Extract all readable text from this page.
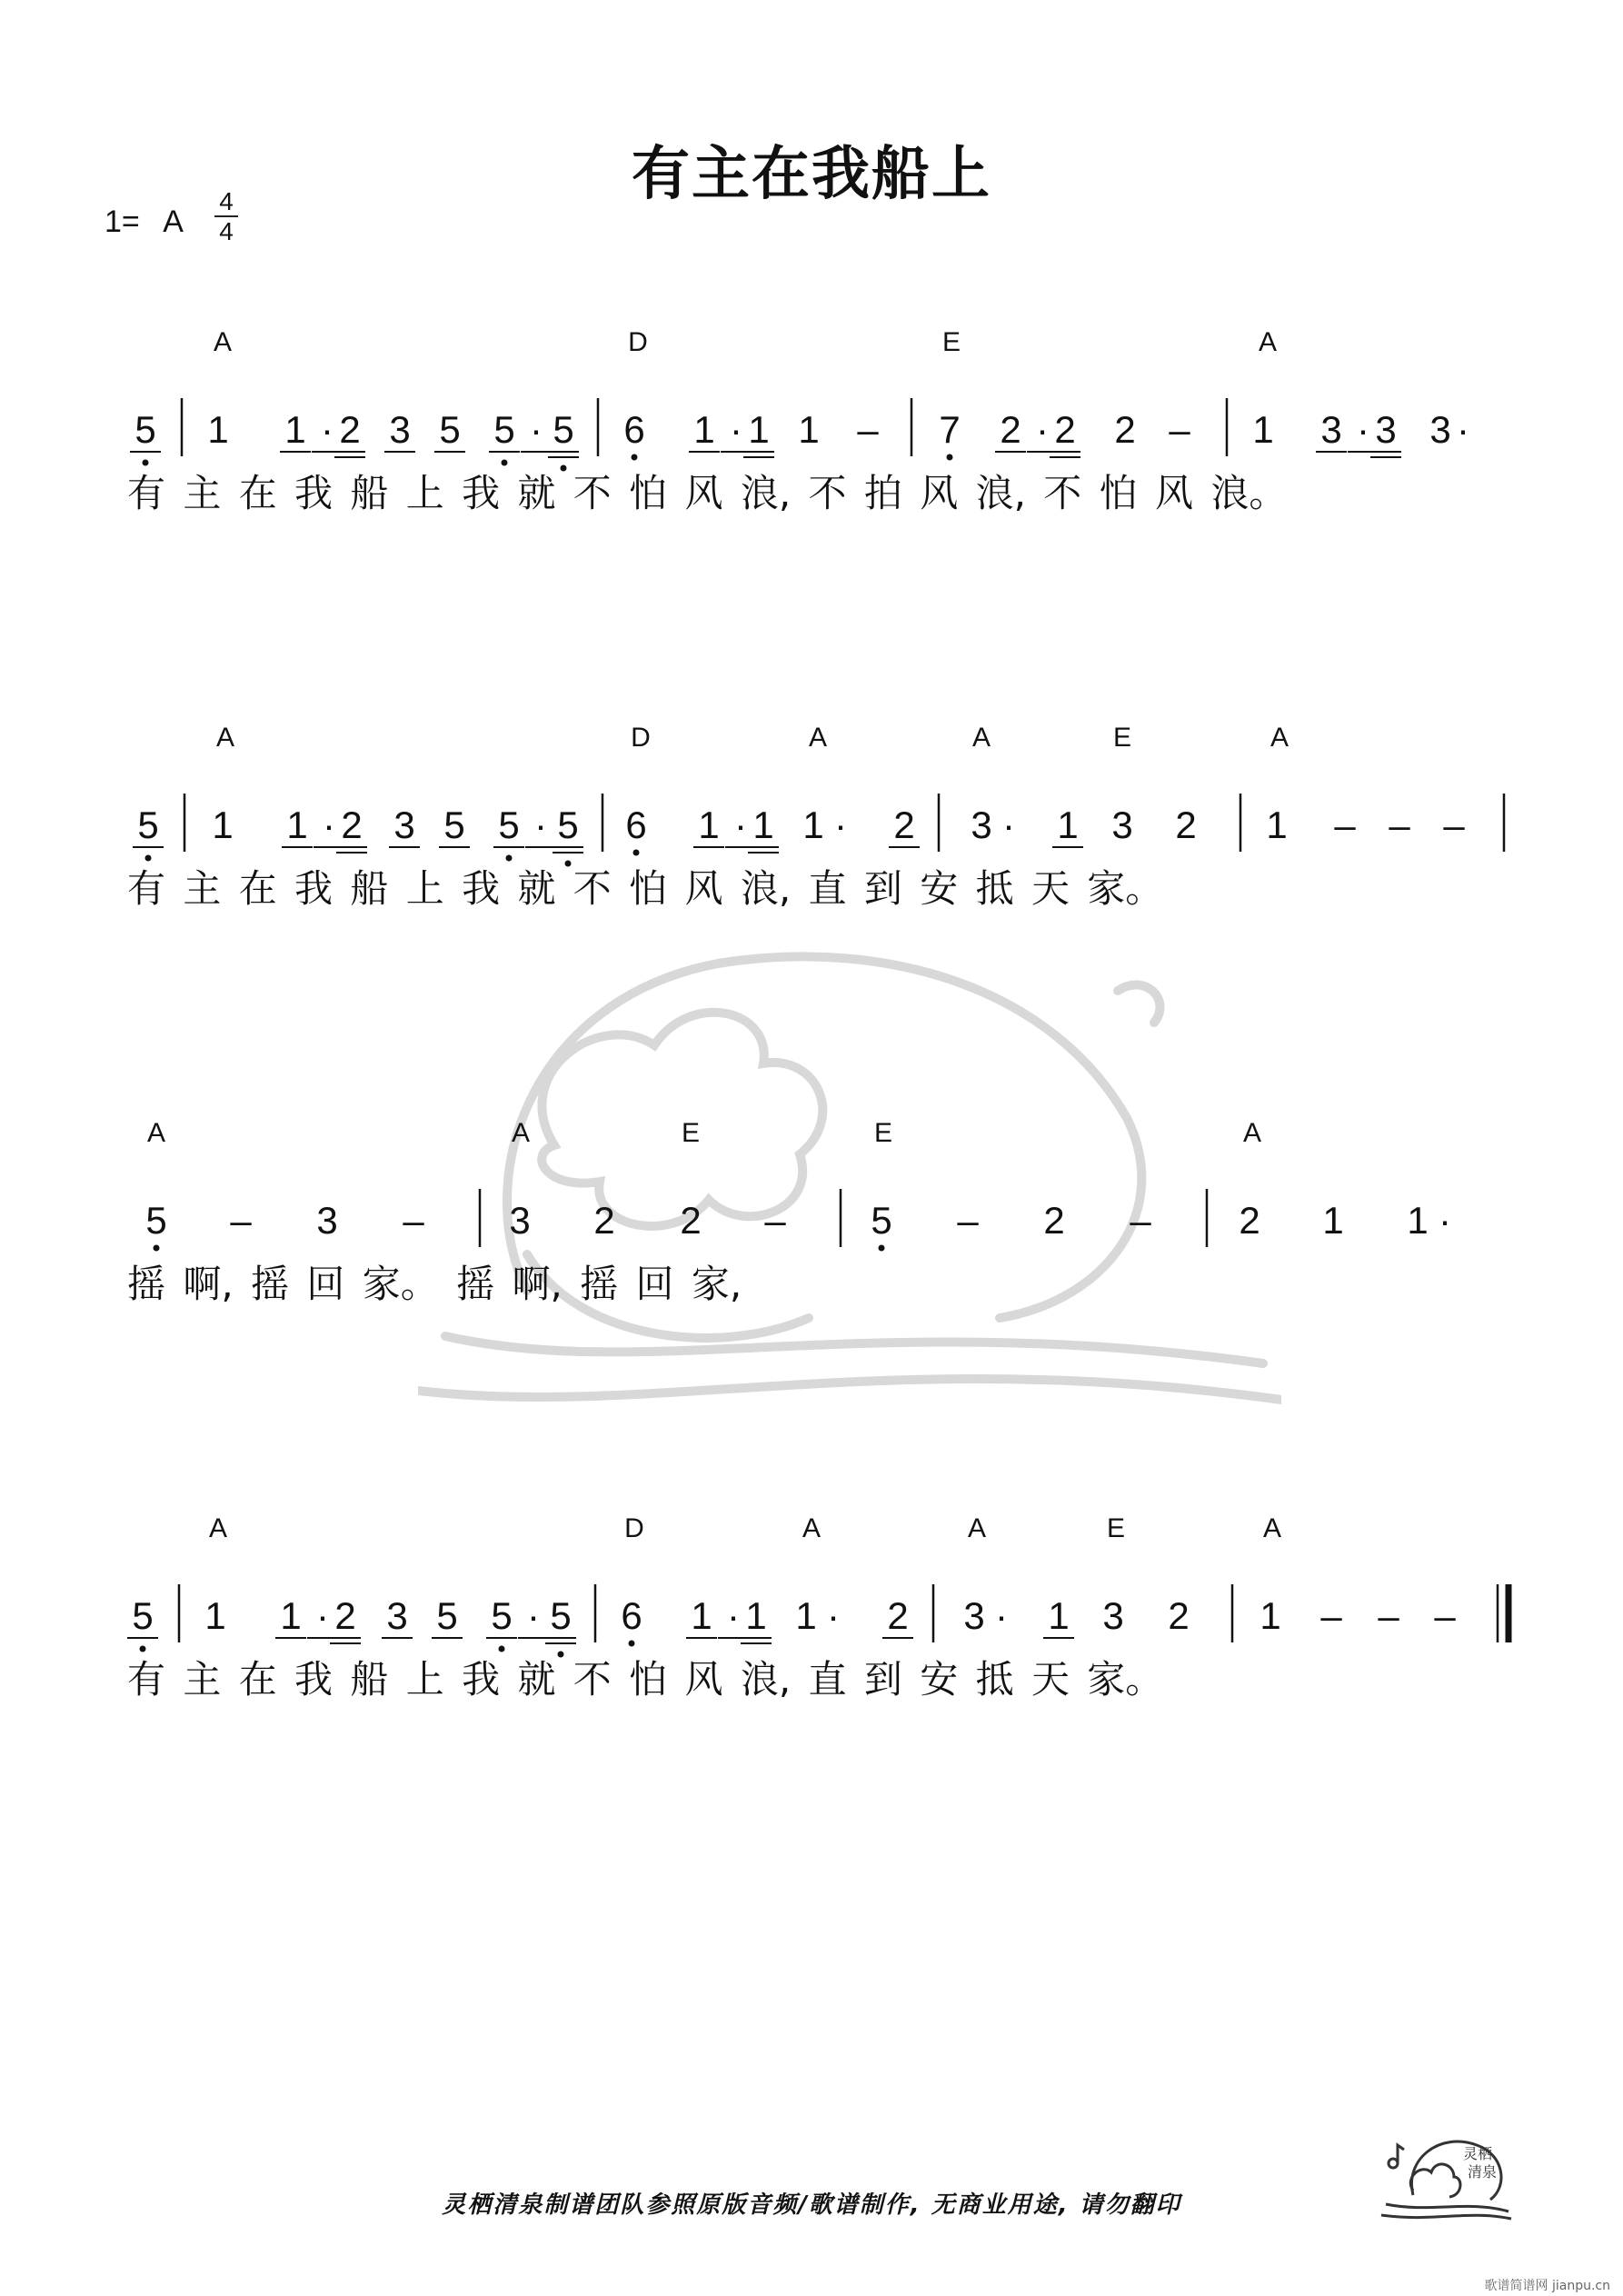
有主在我船上
1= A
4
4
A	D	E	A
5 1 1 · 2 3 5 5 · 5 6 1 · 1 1 – 7 2 · 2 2 – 1 3 · 3 3 ·
有 主 在 我 船 上 我 就 不 怕 风 浪, 不 拍 风 浪, 不 怕 风 浪。
A	D	A	A	E	A
5 1 1 · 2 3 5 5 · 5 6 1 · 1 1 · 2 3 · 1 3 2 1 – – –
有 主 在 我 船 上 我 就 不 怕 风 浪, 直 到 安 抵 天 家。
A	A	E	E	A
5 – 3 – 3 2 2 – 5 – 2 – 2 1 1 ·
摇 啊, 摇 回 家。 摇 啊, 摇 回 家,
A	D	A	A	E	A
5 1 1 · 2 3 5 5 · 5 6 1 · 1 1 · 2 3 · 1 3 2 1 – – –
有 主 在 我 船 上 我 就 不 怕 风 浪, 直 到 安 抵 天 家。
灵栖清泉制谱团队参照原版音频/歌谱制作, 无商业用途, 请勿翻印
灵栖
清泉
歌谱简谱网 jianpu.cn
